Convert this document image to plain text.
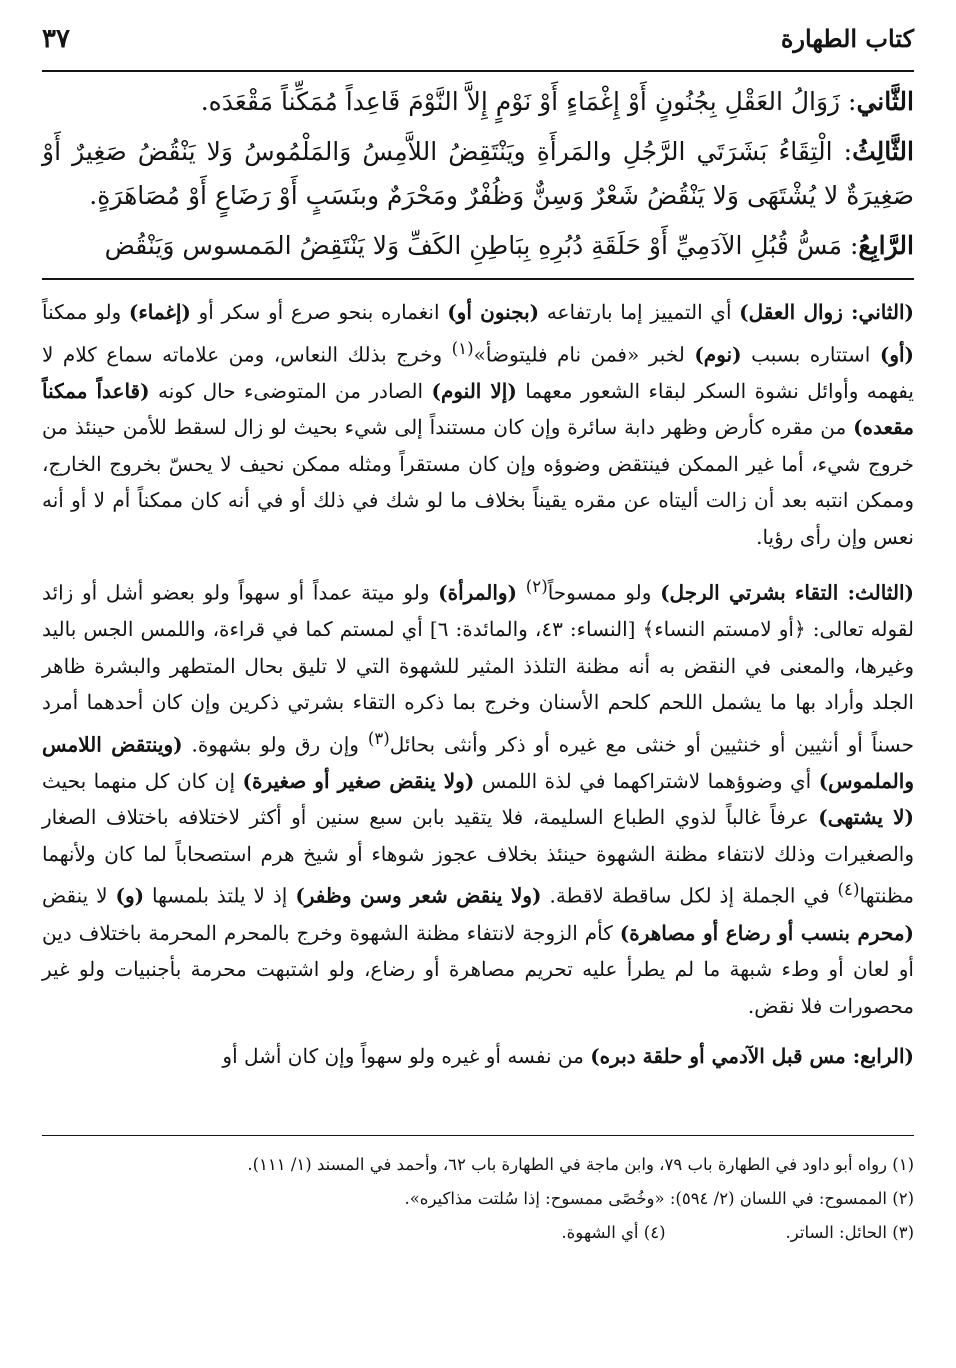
كتاب الطهارة
٣٧

الثَّاني: زَوَالُ العَقْلِ بِجُنُونٍ أَوْ إِغْمَاءٍ أَوْ نَوْمٍ إِلاَّ النَّوْمَ قَاعِداً مُمَكِّناً مَقْعَدَه.

الثَّالِثُ: الْتِقَاءُ بَشَرَتَي الرَّجُلِ والمَرأَةِ ويَنْتَقِضُ اللاَّمِسُ وَالمَلْمُوسُ وَلا يَنْقُضُ صَغِيرٌ أَوْ صَغِيرَةٌ لا يُشْتَهَى وَلا يَنْقُضُ شَعْرٌ وَسِنٌّ وَظُفْرٌ ومَحْرَمٌ وبنَسَبٍ أَوْ رَضَاعٍ أَوْ مُصَاهَرَةٍ.

الرَّابِعُ: مَسُّ قُبُلِ الآدَمِيِّ أَوْ حَلَقَةِ دُبُرِهِ بِبَاطِنِ الكَفِّ وَلا يَنْتَقِضُ المَمسوس وَيَنْقُض

(الثاني: زوال العقل) أي التمييز إما بارتفاعه (بجنون أو) انغماره بنحو صرع أو سكر أو (إغماء) ولو ممكناً (أو) استتاره بسبب (نوم) لخبر «فمن نام فليتوضأ»$^{(١)}$ وخرج بذلك النعاس، ومن علاماته سماع كلام لا يفهمه وأوائل نشوة السكر لبقاء الشعور معهما (إلا النوم) الصادر من المتوضىء حال كونه (قاعداً ممكناً مقعده) من مقره كأرض وظهر دابة سائرة وإن كان مستنداً إلى شيء بحيث لو زال لسقط للأمن حينئذ من خروج شيء، أما غير الممكن فينتقض وضوؤه وإن كان مستقراً ومثله ممكن نحيف لا يحسّ بخروج الخارج، وممكن انتبه بعد أن زالت أليتاه عن مقره يقيناً بخلاف ما لو شك في ذلك أو في أنه كان ممكناً أم لا أو أنه نعس وإن رأى رؤيا.

(الثالث: التقاء بشرتي الرجل) ولو ممسوحاً$^{(٢)}$ (والمرأة) ولو ميتة عمداً أو سهواً ولو بعضو أشل أو زائد لقوله تعالى: ﴿أو لامستم النساء﴾ [النساء: ٤٣، والمائدة: ٦] أي لمستم كما في قراءة، واللمس الجس باليد وغيرها، والمعنى في النقض به أنه مظنة التلذذ المثير للشهوة التي لا تليق بحال المتطهر والبشرة ظاهر الجلد وأراد بها ما يشمل اللحم كلحم الأسنان وخرج بما ذكره التقاء بشرتي ذكرين وإن كان أحدهما أمرد حسناً أو أنثيين أو خنثيين أو خنثى مع غيره أو ذكر وأنثى بحائل$^{(٣)}$ وإن رق ولو بشهوة. (وينتقض اللامس والملموس) أي وضوؤهما لاشتراكهما في لذة اللمس (ولا ينقض صغير أو صغيرة) إن كان كل منهما بحيث (لا يشتهى) عرفاً غالباً لذوي الطباع السليمة، فلا يتقيد بابن سبع سنين أو أكثر لاختلافه باختلاف الصغار والصغيرات وذلك لانتفاء مظنة الشهوة حينئذ بخلاف عجوز شوهاء أو شيخ هرم استصحاباً لما كان ولأنهما مظنتها$^{(٤)}$ في الجملة إذ لكل ساقطة لاقطة. (ولا ينقض شعر وسن وظفر) إذ لا يلتذ بلمسها (و) لا ينقض (محرم بنسب أو رضاع أو مصاهرة) كأم الزوجة لانتفاء مظنة الشهوة وخرج بالمحرم المحرمة باختلاف دين أو لعان أو وطء شبهة ما لم يطرأ عليه تحريم مصاهرة أو رضاع، ولو اشتبهت محرمة بأجنبيات ولو غير محصورات فلا نقض.

(الرابع: مس قبل الآدمي أو حلقة دبره) من نفسه أو غيره ولو سهواً وإن كان أشل أو

(١) رواه أبو داود في الطهارة باب ٧٩، وابن ماجة في الطهارة باب ٦٢، وأحمد في المسند (١/ ١١١).

(٢) الممسوح: في اللسان (٢/ ٥٩٤): «وخُصًى ممسوح: إذا سُلتت مذاكيره».

(٣) الحائل: الساتر.(٤) أي الشهوة.
